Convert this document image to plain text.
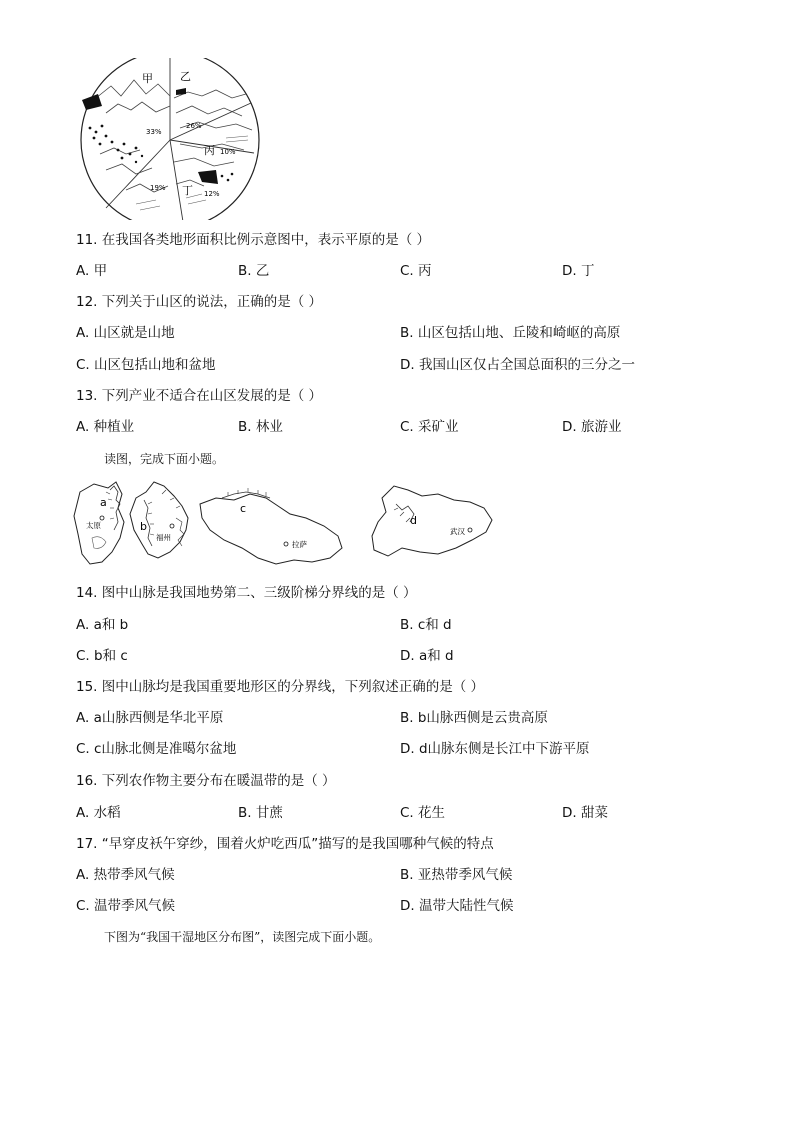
甲 乙
丙
丁
33%
26%
10%
19%
12%
11. 在我国各类地形面积比例示意图中，表示平原的是（ ）
A. 甲	B. 乙	C. 丙	D. 丁
12. 下列关于山区的说法，正确的是（ ）
A. 山区就是山地	B. 山区包括山地、丘陵和崎岖的高原
C. 山区包括山地和盆地	D. 我国山区仅占全国总面积的三分之一
13. 下列产业不适合在山区发展的是（ ）
A. 种植业	B. 林业	C. 采矿业	D. 旅游业
读图，完成下面小题。
a
太原	b
福州
c
拉萨
d
武汉
14. 图中山脉是我国地势第二、三级阶梯分界线的是（ ）
A. a和 b	B. c和 d
C. b和 c	D. a和 d
15. 图中山脉均是我国重要地形区的分界线，下列叙述正确的是（ ）
A. a山脉西侧是华北平原	B. b山脉西侧是云贵高原
C. c山脉北侧是准噶尔盆地	D. d山脉东侧是长江中下游平原
16. 下列农作物主要分布在暖温带的是（ ）
A. 水稻	B. 甘蔗	C. 花生	D. 甜菜
17. “早穿皮袄午穿纱，围着火炉吃西瓜”描写的是我国哪种气候的特点
A. 热带季风气候	B. 亚热带季风气候
C. 温带季风气候	D. 温带大陆性气候
下图为“我国干湿地区分布图”，读图完成下面小题。
